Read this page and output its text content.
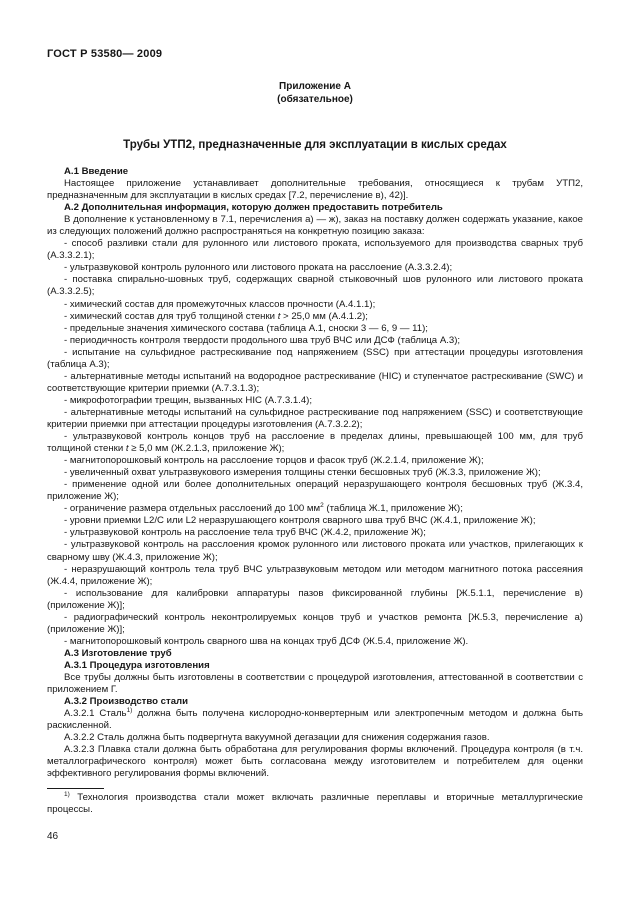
ГОСТ Р 53580— 2009
Приложение А
(обязательное)
Трубы УТП2, предназначенные для эксплуатации в кислых средах

А.1 Введение

Настоящее приложение устанавливает дополнительные требования, относящиеся к трубам УТП2, предназначенным для эксплуатации в кислых средах [7.2, перечисление в), 42)].

А.2 Дополнительная информация, которую должен предоставить потребитель

В дополнение к установленному в 7.1, перечисления а) — ж), заказ на поставку должен содержать указание, какое из следующих положений должно распространяться на конкретную позицию заказа:

- способ разливки стали для рулонного или листового проката, используемого для производства сварных труб (А.3.3.2.1);

- ультразвуковой контроль рулонного или листового проката на расслоение (А.3.3.2.4);

- поставка спирально-шовных труб, содержащих сварной стыковочный шов рулонного или листового проката (А.3.3.2.5);

- химический состав для промежуточных классов прочности (А.4.1.1);

- химический состав для труб толщиной стенки t > 25,0 мм (А.4.1.2);

- предельные значения химического состава (таблица А.1, сноски 3 — 6, 9 — 11);

- периодичность контроля твердости продольного шва труб ВЧС или ДСФ (таблица А.3);

- испытание на сульфидное растрескивание под напряжением (SSC) при аттестации процедуры изготовления (таблица А.3);

- альтернативные методы испытаний на водородное растрескивание (HIC) и ступенчатое растрескивание (SWC) и соответствующие критерии приемки (А.7.3.1.3);

- микрофотографии трещин, вызванных HIC (А.7.3.1.4);

- альтернативные методы испытаний на сульфидное растрескивание под напряжением (SSC) и соответствующие критерии приемки при аттестации процедуры изготовления (А.7.3.2.2);

- ультразвуковой контроль концов труб на расслоение в пределах длины, превышающей 100 мм, для труб толщиной стенки t ≥ 5,0 мм (Ж.2.1.3, приложение Ж);

- магнитопорошковый контроль на расслоение торцов и фасок труб (Ж.2.1.4, приложение Ж);

- увеличенный охват ультразвукового измерения толщины стенки бесшовных труб (Ж.3.3, приложение Ж);

- применение одной или более дополнительных операций неразрушающего контроля бесшовных труб (Ж.3.4, приложение Ж);

- ограничение размера отдельных расслоений до 100 $мм^2$ (таблица Ж.1, приложение Ж);

- уровни приемки L2/C или L2 неразрушающего контроля сварного шва труб ВЧС (Ж.4.1, приложение Ж);

- ультразвуковой контроль на расслоение тела труб ВЧС (Ж.4.2, приложение Ж);

- ультразвуковой контроль на расслоения кромок рулонного или листового проката или участков, прилегающих к сварному шву (Ж.4.3, приложение Ж);

- неразрушающий контроль тела труб ВЧС ультразвуковым методом или методом магнитного потока рассеяния (Ж.4.4, приложение Ж);

- использование для калибровки аппаратуры пазов фиксированной глубины [Ж.5.1.1, перечисление в) (приложение Ж)];

- радиографический контроль неконтролируемых концов труб и участков ремонта [Ж.5.3, перечисление а) (приложение Ж)];

- магнитопорошковый контроль сварного шва на концах труб ДСФ (Ж.5.4, приложение Ж).

А.3 Изготовление труб

А.3.1 Процедура изготовления

Все трубы должны быть изготовлены в соответствии с процедурой изготовления, аттестованной в соответствии с приложением Г.

А.3.2 Производство стали

А.3.2.1 Сталь$^{1)}$ должна быть получена кислородно-конвертерным или электропечным методом и должна быть раскисленной.

А.3.2.2 Сталь должна быть подвергнута вакуумной дегазации для снижения содержания газов.

А.3.2.3 Плавка стали должна быть обработана для регулирования формы включений. Процедура контроля (в т.ч. металлографического контроля) может быть согласована между изготовителем и потребителем для оценки эффективного регулирования формы включений.

$^{1)}$ Технология производства стали может включать различные переплавы и вторичные металлургические процессы.

46
